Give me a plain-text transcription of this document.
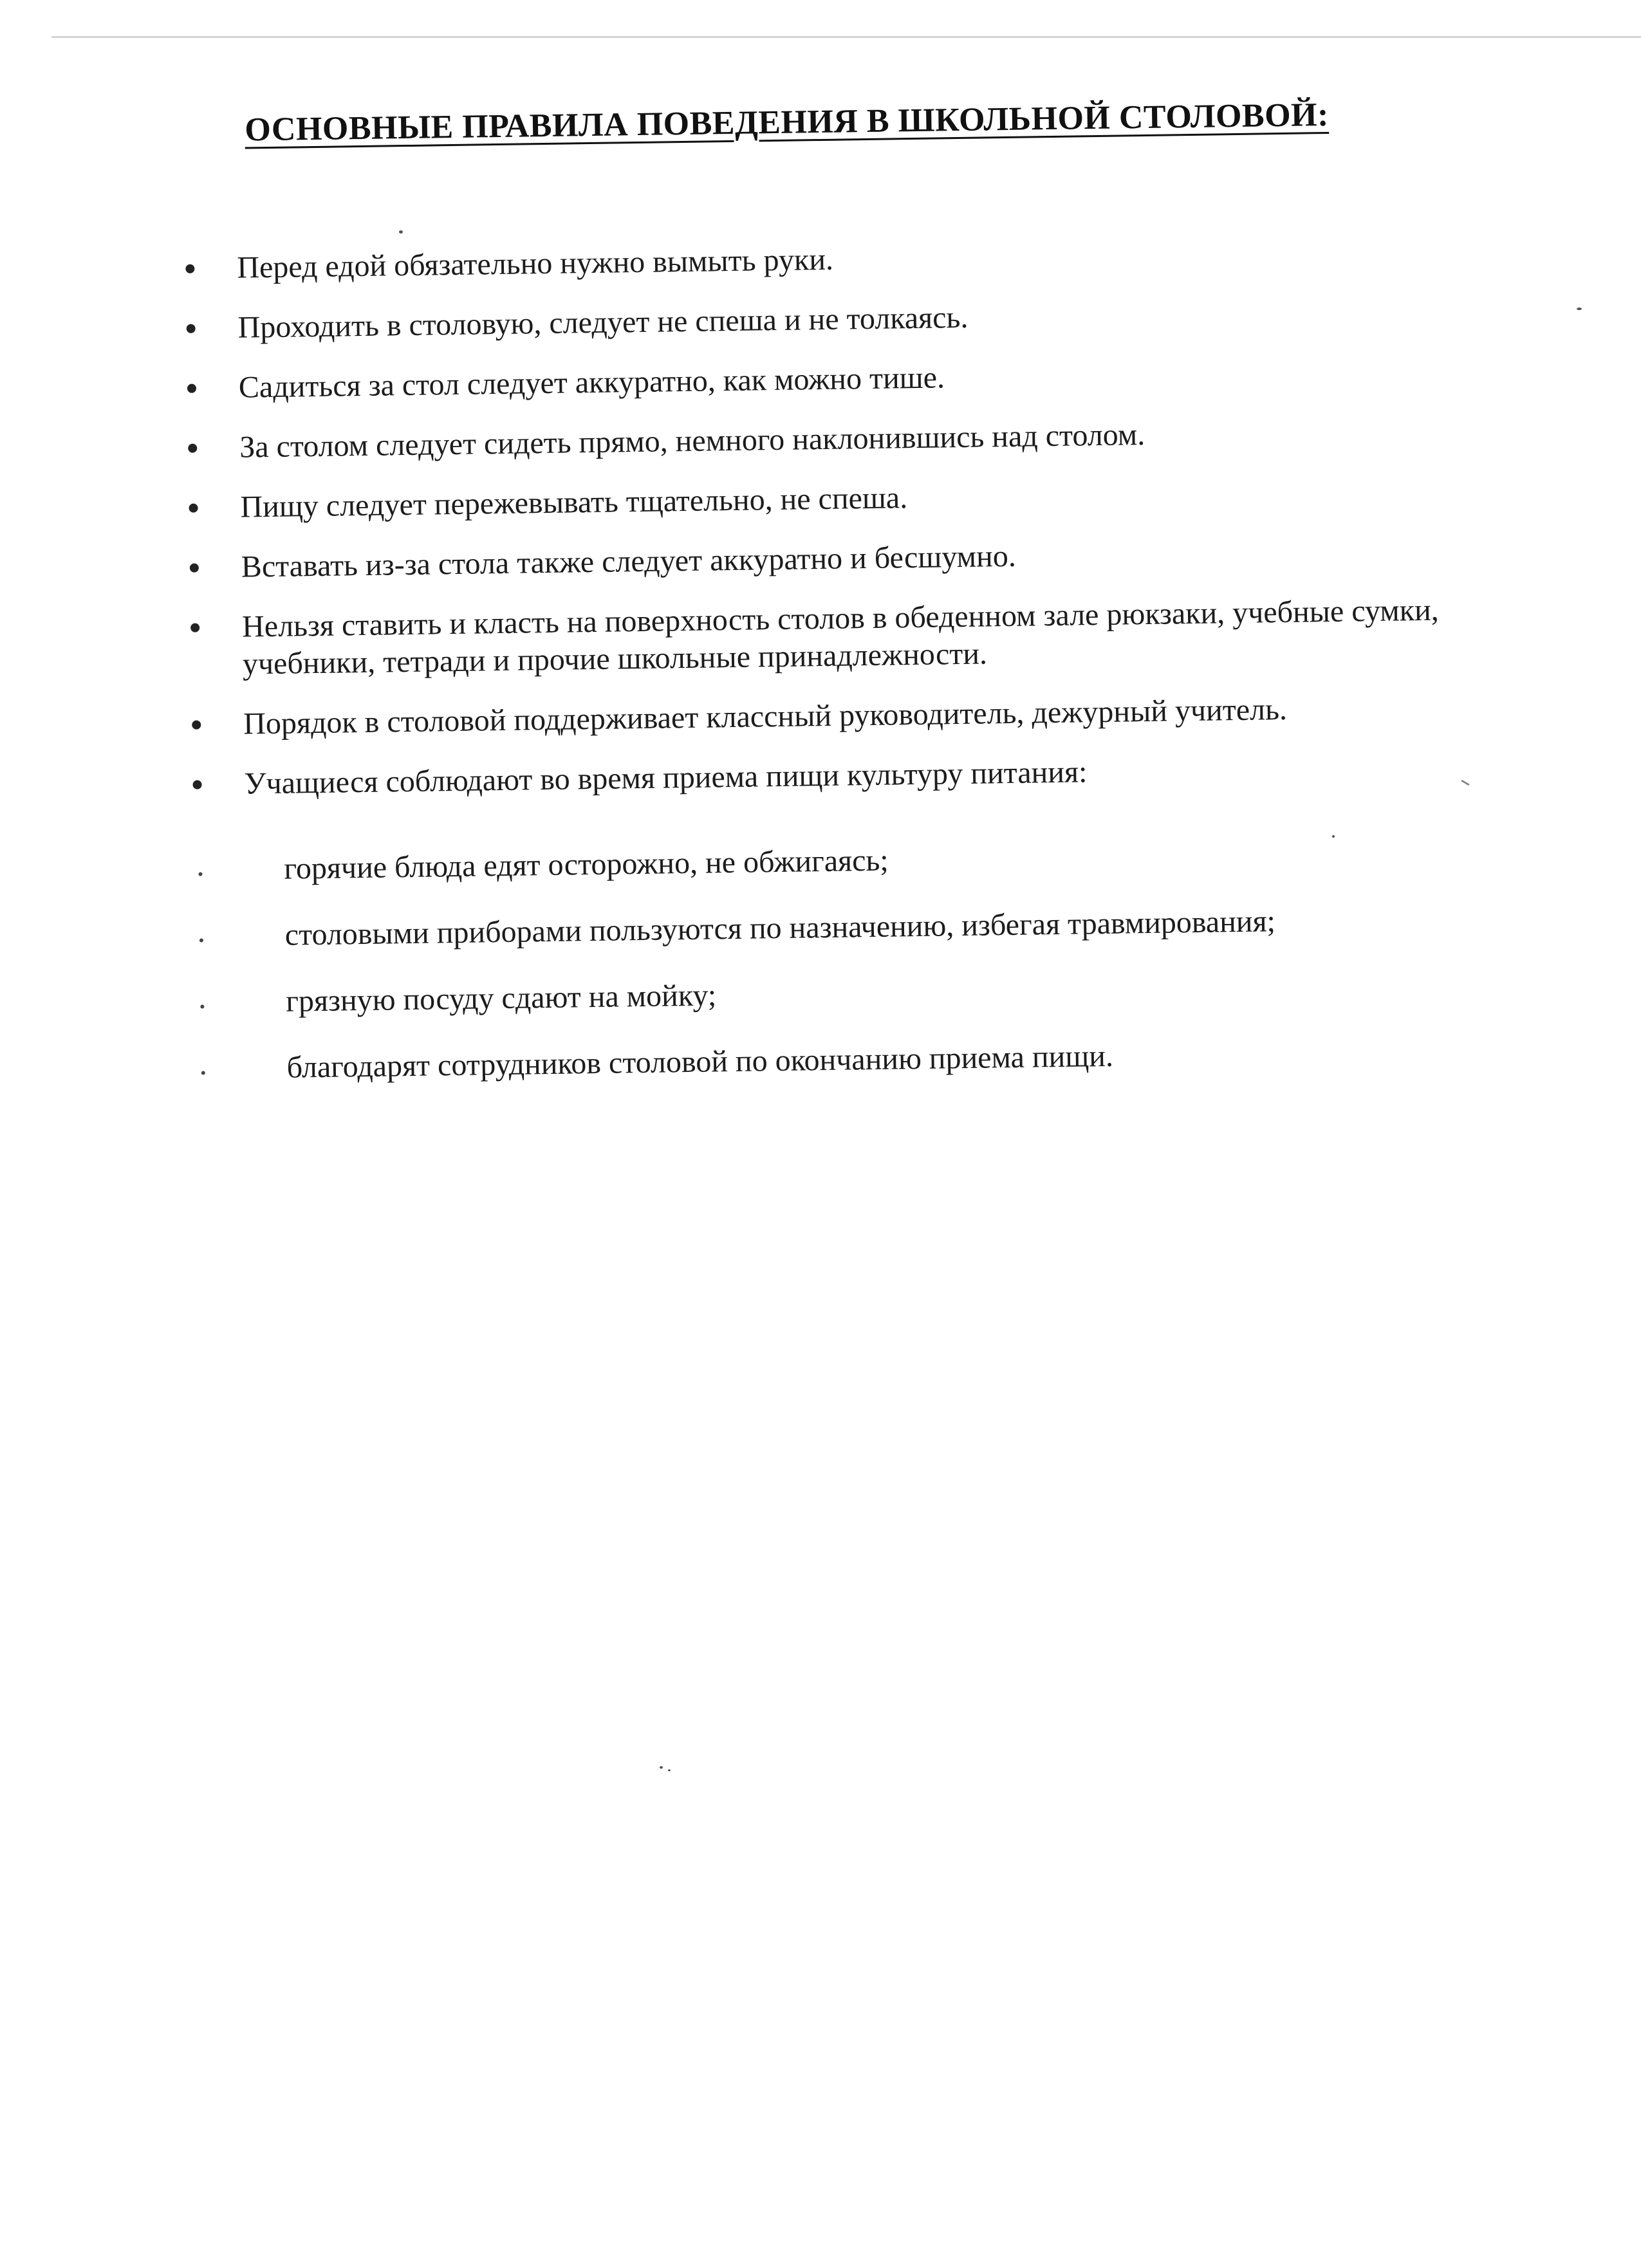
ОСНОВНЫЕ ПРАВИЛА ПОВЕДЕНИЯ В ШКОЛЬНОЙ СТОЛОВОЙ:
Перед едой обязательно нужно вымыть руки.
Проходить в столовую, следует не спеша и не толкаясь.
Садиться за стол следует аккуратно, как можно тише.
За столом следует сидеть прямо, немного наклонившись над столом.
Пищу следует пережевывать тщательно, не спеша.
Вставать из-за стола также следует аккуратно и бесшумно.
Нельзя ставить и класть на поверхность столов в обеденном зале рюкзаки, учебные сумки, учебники, тетради и прочие школьные принадлежности.
Порядок в столовой поддерживает классный руководитель, дежурный учитель.
Учащиеся соблюдают во время приема пищи культуру питания:
горячие блюда едят осторожно, не обжигаясь;
столовыми приборами пользуются по назначению, избегая травмирования;
грязную посуду сдают на мойку;
благодарят сотрудников столовой по окончанию приема пищи.
